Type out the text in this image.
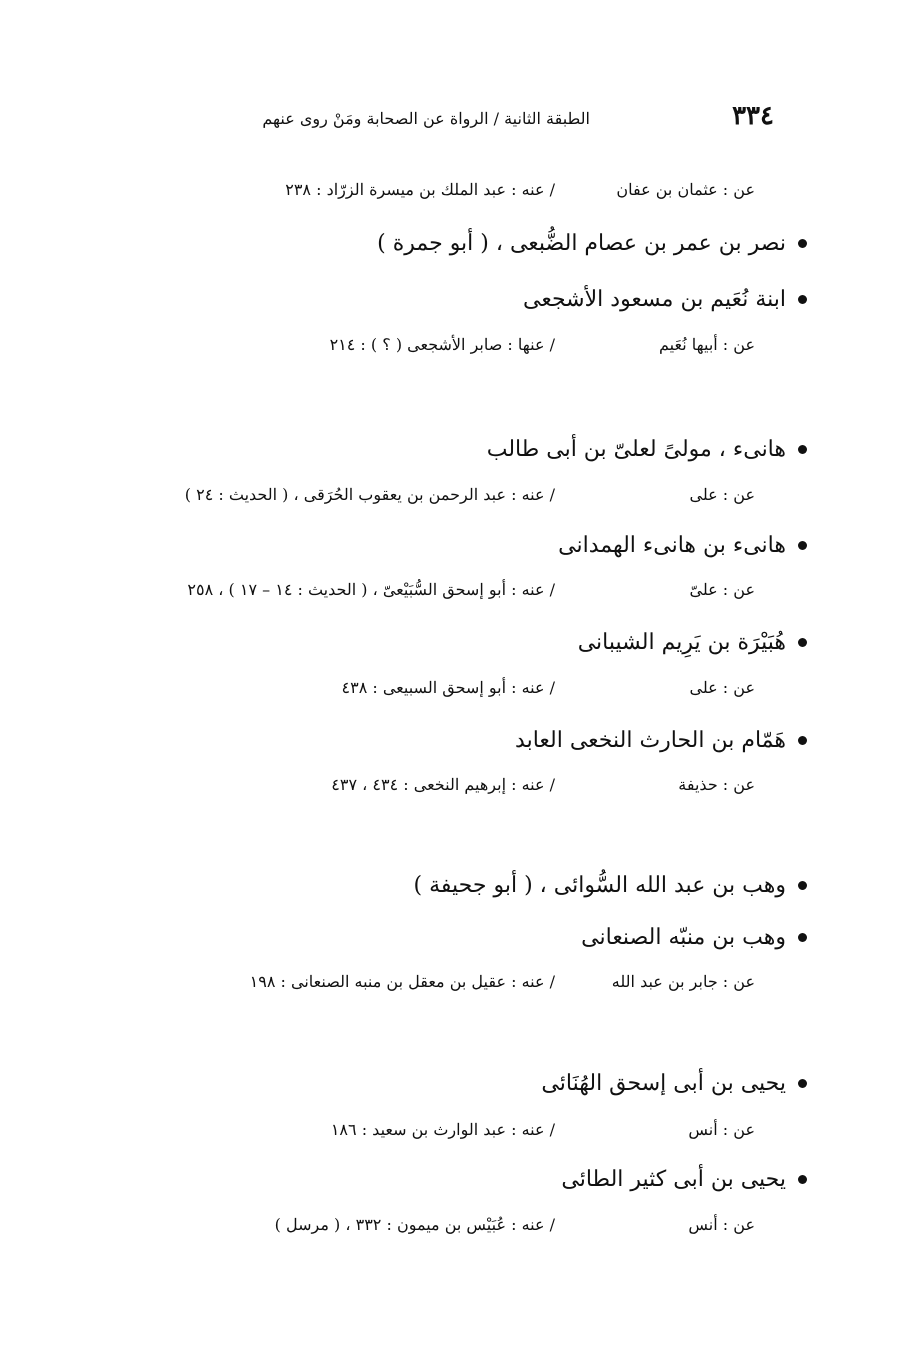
٣٣٤
الطبقة الثانية / الرواة عن الصحابة ومَنْ روى عنهم
عن : عثمان بن عفان
/ عنه : عبد الملك بن ميسرة الزرّاد : ٢٣٨
نصر بن عمر بن عصام الضُّبعى ، ( أبو جمرة )
ابنة نُعَيم بن مسعود الأشجعى
عن : أبيها نُعَيم
/ عنها : صابر الأشجعى ( ؟ ) : ٢١٤
هانىء ، مولىً لعلىّ بن أبى طالب
عن : على
/ عنه : عبد الرحمن بن يعقوب الحُرَقى ، ( الحديث : ٢٤ )
هانىء بن هانىء الهمدانى
عن : علىّ
/ عنه : أبو إسحق السُّبَيْعىّ ، ( الحديث : ١٤ – ١٧ ) ، ٢٥٨
هُبَيْرَة بن يَرِيم الشيبانى
عن : على
/ عنه : أبو إسحق السبيعى : ٤٣٨
هَمّام بن الحارث النخعى العابد
عن : حذيفة
/ عنه : إبرهيم النخعى : ٤٣٤ ، ٤٣٧
وهب بن عبد الله السُّوائى ، ( أبو جحيفة )
وهب بن منبّه الصنعانى
عن : جابر بن عبد الله
/ عنه : عقيل بن معقل بن منبه الصنعانى : ١٩٨
يحيى بن أبى إسحق الهُنَائى
عن : أنس
/ عنه : عبد الوارث بن سعيد : ١٨٦
يحيى بن أبى كثير الطائى
عن : أنس
/ عنه : عُبَيْس بن ميمون : ٣٣٢ ، ( مرسل )
